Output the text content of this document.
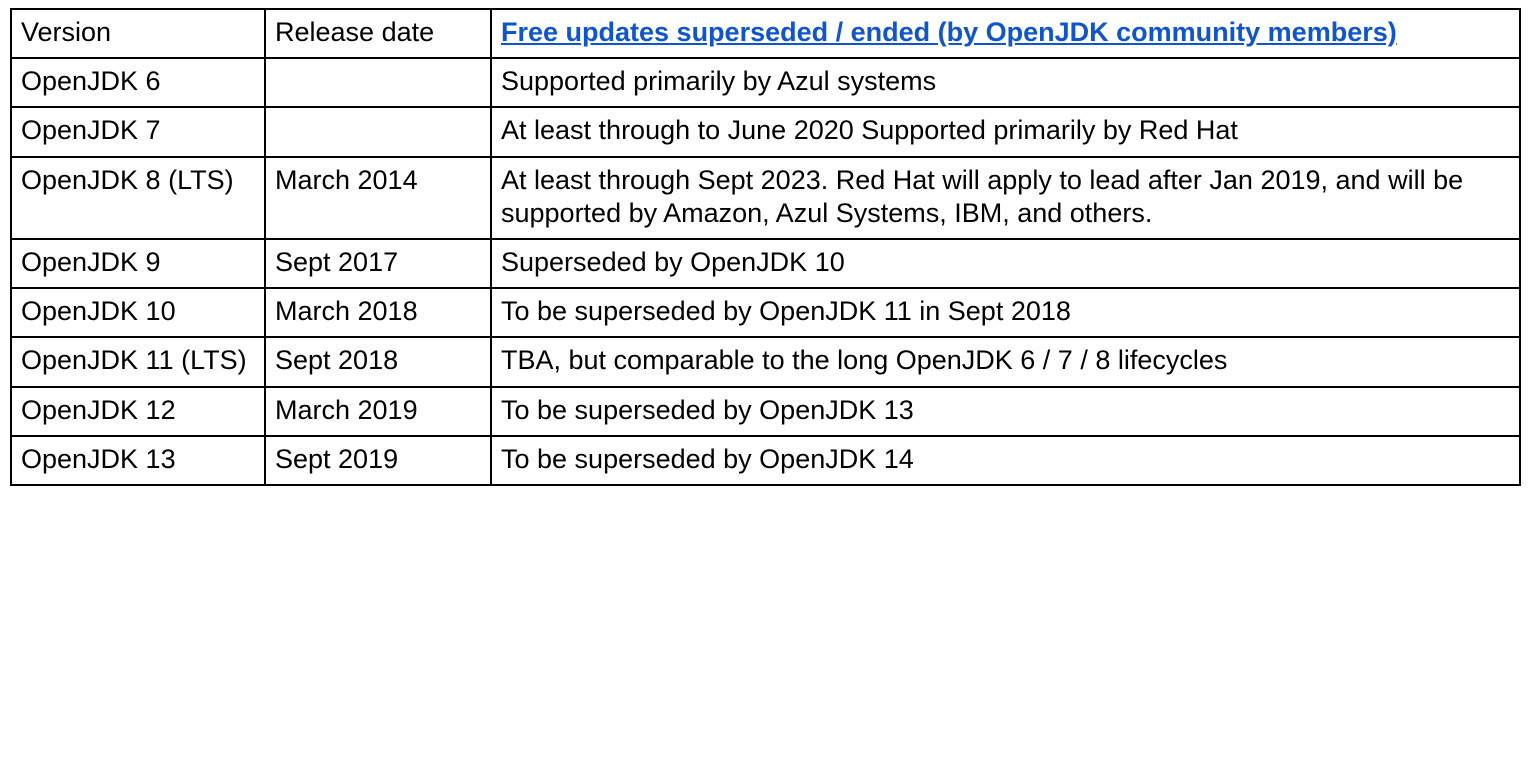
Version	Release date	Free updates superseded / ended (by OpenJDK community members)
OpenJDK 6		Supported primarily by Azul systems
OpenJDK 7		At least through to June 2020 Supported primarily by Red Hat
OpenJDK 8 (LTS)	March 2014	At least through Sept 2023. Red Hat will apply to lead after Jan 2019, and will be supported by Amazon, Azul Systems, IBM, and others.
OpenJDK 9	Sept 2017	Superseded by OpenJDK 10
OpenJDK 10	March 2018	To be superseded by OpenJDK 11 in Sept 2018
OpenJDK 11 (LTS)	Sept 2018	TBA, but comparable to the long OpenJDK 6 / 7 / 8 lifecycles
OpenJDK 12	March 2019	To be superseded by OpenJDK 13
OpenJDK 13	Sept 2019	To be superseded by OpenJDK 14
